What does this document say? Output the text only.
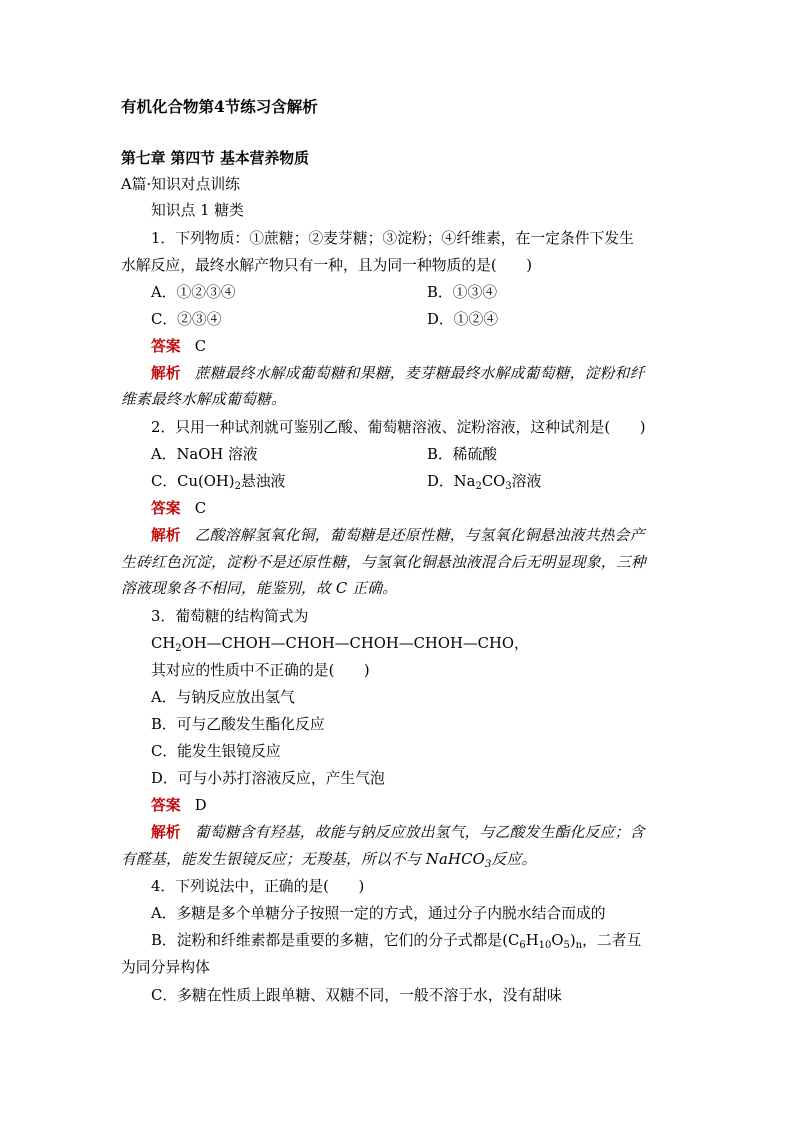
有机化合物第4节练习含解析
第七章 第四节 基本营养物质
A篇·知识对点训练
知识点 1 糖类
1．下列物质：①蔗糖；②麦芽糖；③淀粉；④纤维素，在一定条件下发生
水解反应，最终水解产物只有一种，且为同一种物质的是(　　)
A．①②③④	B．①③④
C．②③④	D．①②④
答案 C
解析 蔗糖最终水解成葡萄糖和果糖，麦芽糖最终水解成葡萄糖，淀粉和纤
维素最终水解成葡萄糖。
2．只用一种试剂就可鉴别乙酸、葡萄糖溶液、淀粉溶液，这种试剂是(　　)
A．NaOH 溶液	B．稀硫酸
C．$Cu(OH)_2$悬浊液	D．$Na_2CO_3$溶液
答案 C
解析 乙酸溶解氢氧化铜，葡萄糖是还原性糖，与氢氧化铜悬浊液共热会产
生砖红色沉淀，淀粉不是还原性糖，与氢氧化铜悬浊液混合后无明显现象，三种
溶液现象各不相同，能鉴别，故 C 正确。
3．葡萄糖的结构简式为
$CH_2OH—CHOH—CHOH—CHOH—CHOH—CHO$，
其对应的性质中不正确的是(　　)
A．与钠反应放出氢气
B．可与乙酸发生酯化反应
C．能发生银镜反应
D．可与小苏打溶液反应，产生气泡
答案 D
解析 葡萄糖含有羟基，故能与钠反应放出氢气，与乙酸发生酯化反应；含
有醛基，能发生银镜反应；无羧基，所以不与 NaHCO$_3$反应。
4．下列说法中，正确的是(　　)
A．多糖是多个单糖分子按照一定的方式，通过分子内脱水结合而成的
B．淀粉和纤维素都是重要的多糖，它们的分子式都是$(C_6H_{10}O_5)_n$，二者互
为同分异构体
C．多糖在性质上跟单糖、双糖不同，一般不溶于水，没有甜味
